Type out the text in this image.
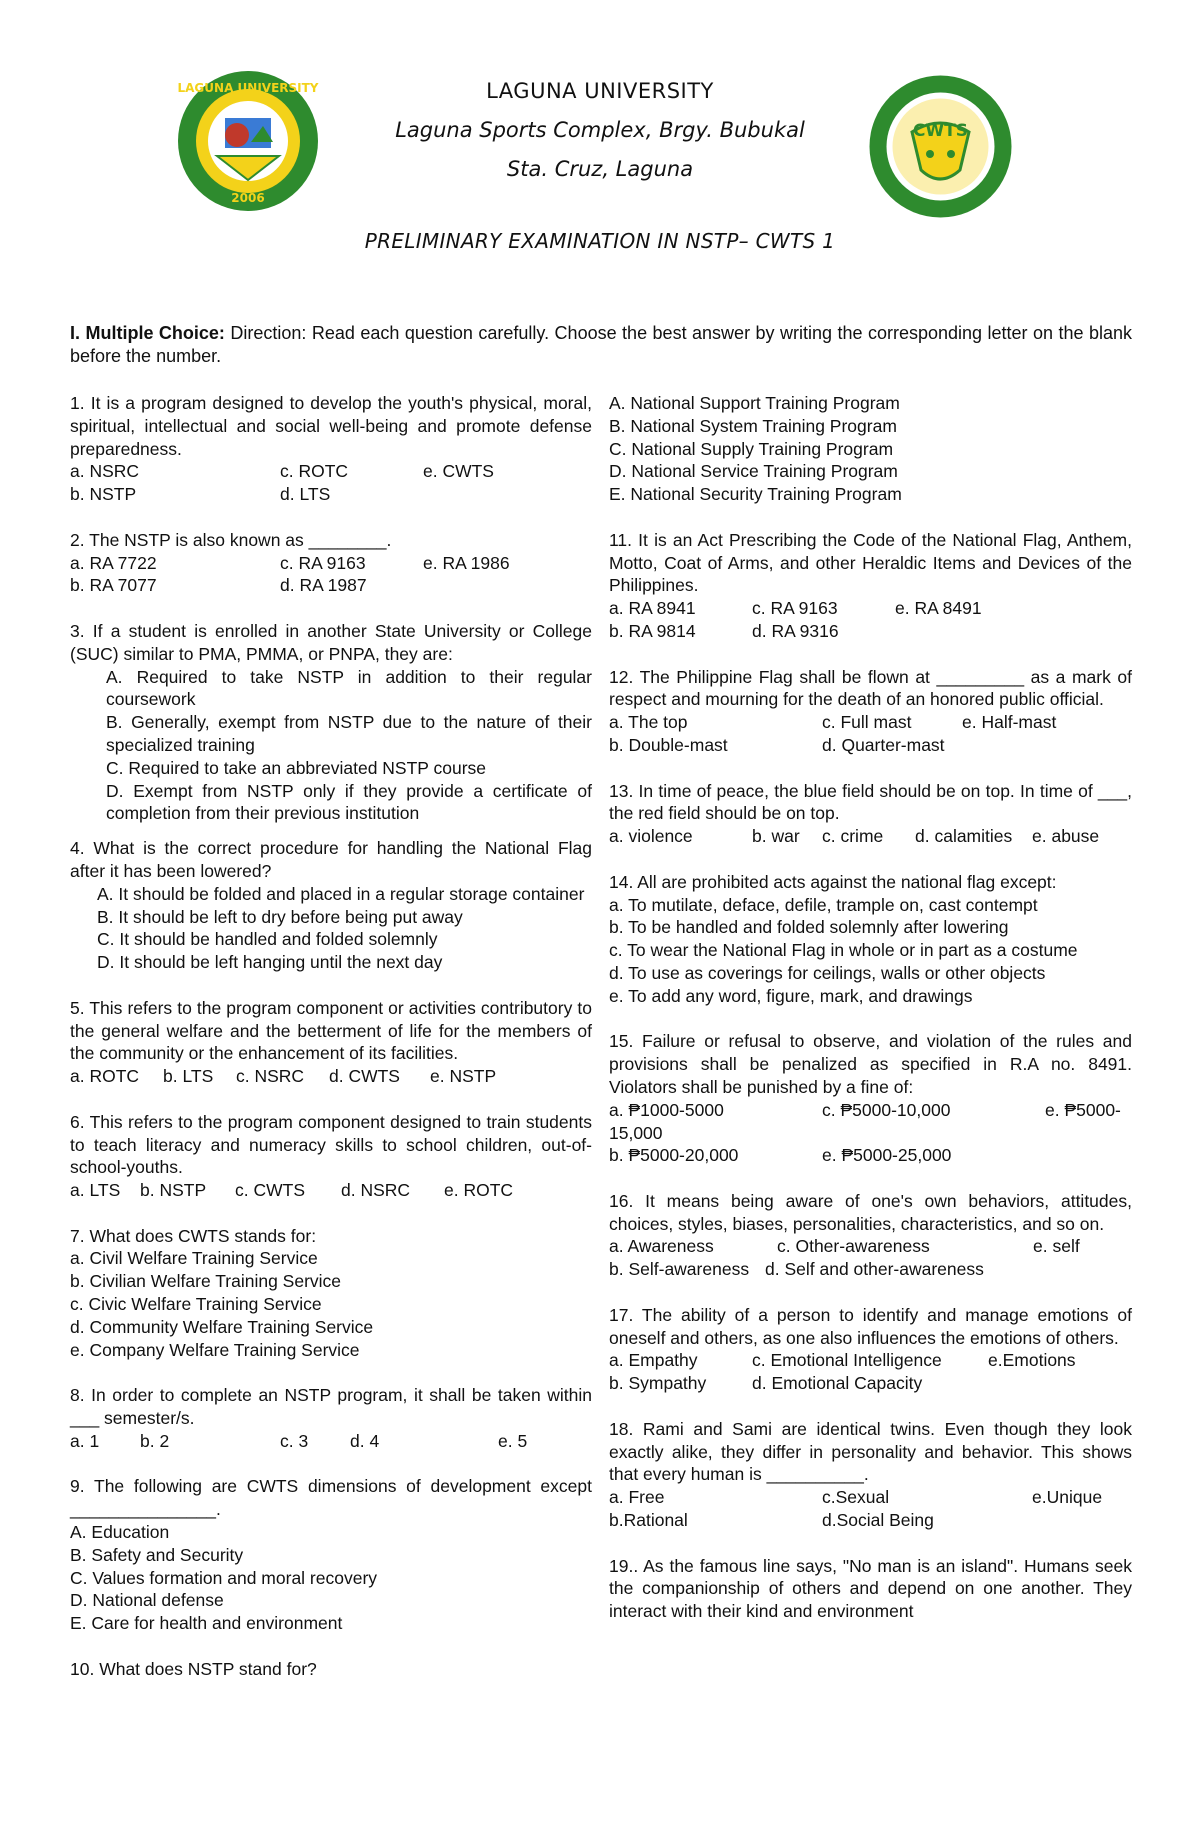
LAGUNA UNIVERSITY
2006
LAGUNA UNIVERSITY
Laguna Sports Complex, Brgy. Bubukal
Sta. Cruz, Laguna
CWTS
PRELIMINARY EXAMINATION IN NSTP– CWTS 1
I. Multiple Choice: Direction: Read each question carefully. Choose the best answer by writing the corresponding letter on the blank before the number.
1. It is a program designed to develop the youth's physical, moral, spiritual, intellectual and social well-being and promote defense preparedness.
a. NSRC	c. ROTC	e. CWTS
b. NSTP	d. LTS
2. The NSTP is also known as ________.
a. RA 7722	c. RA 9163	e. RA 1986
b. RA 7077	d. RA 1987
3. If a student is enrolled in another State University or College (SUC) similar to PMA, PMMA, or PNPA, they are:
A. Required to take NSTP in addition to their regular coursework
B. Generally, exempt from NSTP due to the nature of their specialized training
C. Required to take an abbreviated NSTP course
D. Exempt from NSTP only if they provide a certificate of completion from their previous institution
4. What is the correct procedure for handling the National Flag after it has been lowered?
A. It should be folded and placed in a regular storage container
B. It should be left to dry before being put away
C. It should be handled and folded solemnly
D. It should be left hanging until the next day
5. This refers to the program component or activities contributory to the general welfare and the betterment of life for the members of the community or the enhancement of its facilities.
a. ROTC	b. LTS	c. NSRC	d. CWTS	e. NSTP
6. This refers to the program component designed to train students to teach literacy and numeracy skills to school children, out-of-school-youths.
a. LTS	b. NSTP	c. CWTS	d. NSRC	e. ROTC
7. What does CWTS stands for:
a. Civil Welfare Training Service
b. Civilian Welfare Training Service
c. Civic Welfare Training Service
d. Community Welfare Training Service
e. Company Welfare Training Service
8. In order to complete an NSTP program, it shall be taken within ___ semester/s.
a. 1	b. 2	c. 3	d. 4	e. 5
9. The following are CWTS dimensions of development except _______________.
A. Education
B. Safety and Security
C. Values formation and moral recovery
D. National defense
E. Care for health and environment
10. What does NSTP stand for?
A. National Support Training Program
B. National System Training Program
C. National Supply Training Program
D. National Service Training Program
E. National Security Training Program
11. It is an Act Prescribing the Code of the National Flag, Anthem, Motto, Coat of Arms, and other Heraldic Items and Devices of the Philippines.
a. RA 8941	c. RA 9163	e. RA 8491
b. RA 9814	d. RA 9316
12. The Philippine Flag shall be flown at _________ as a mark of respect and mourning for the death of an honored public official.
a. The top	c. Full mast	e. Half-mast
b. Double-mast	d. Quarter-mast
13. In time of peace, the blue field should be on top. In time of ___, the red field should be on top.
a. violence	b. war	c. crime	d. calamities	e. abuse
14. All are prohibited acts against the national flag except:
a. To mutilate, deface, defile, trample on, cast contempt
b. To be handled and folded solemnly after lowering
c. To wear the National Flag in whole or in part as a costume
d. To use as coverings for ceilings, walls or other objects
e. To add any word, figure, mark, and drawings
15. Failure or refusal to observe, and violation of the rules and provisions shall be penalized as specified in R.A no. 8491. Violators shall be punished by a fine of:
a. ₱1000-5000	c. ₱5000-10,000	e. ₱5000-
15,000
b. ₱5000-20,000	e. ₱5000-25,000
16. It means being aware of one's own behaviors, attitudes, choices, styles, biases, personalities, characteristics, and so on.
a. Awareness	c. Other-awareness	e. self
b. Self-awareness d. Self and other-awareness
17. The ability of a person to identify and manage emotions of oneself and others, as one also influences the emotions of others.
a. Empathy	c. Emotional Intelligence	e.Emotions
b. Sympathy	d. Emotional Capacity
18. Rami and Sami are identical twins. Even though they look exactly alike, they differ in personality and behavior. This shows that every human is __________.
a. Free	c.Sexual	e.Unique
b.Rational	d.Social Being
19.. As the famous line says, "No man is an island". Humans seek the companionship of others and depend on one another. They interact with their kind and environment
